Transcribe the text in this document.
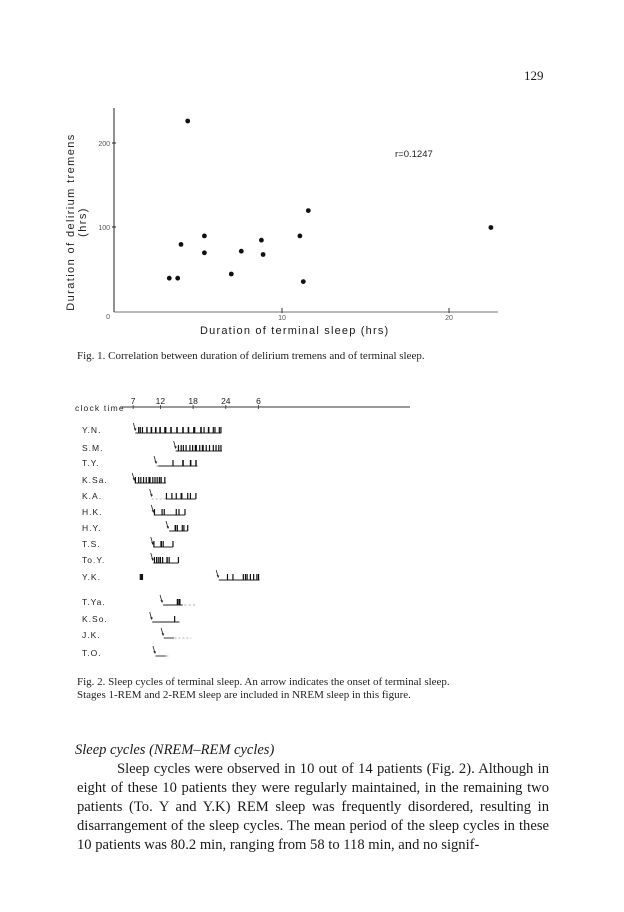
129
Duration of delirium tremens (hrs)
200
100
0	10	20
r=0.1247
Duration of terminal sleep (hrs)
Fig. 1. Correlation between duration of delirium tremens and of terminal sleep.
clock time
7 12	18	24	6
Y.N.
S.M.
T.Y.
K.Sa.
K.A.
H.K.
H.Y.
T.S.
To.Y.
Y.K.
T.Ya.
K.So.
J.K.
T.O.
Fig. 2. Sleep cycles of terminal sleep. An arrow indicates the onset of terminal sleep.
Stages 1-REM and 2-REM sleep are included in NREM sleep in this figure.
Sleep cycles (NREM–REM cycles)

Sleep cycles were observed in 10 out of 14 patients (Fig. 2). Although in eight of these 10 patients they were regularly maintained, in the remaining two patients (To. Y and Y.K) REM sleep was frequently disordered, resulting in disarrangement of the sleep cycles. The mean period of the sleep cycles in these 10 patients was 80.2 min, ranging from 58 to 118 min, and no signif-
